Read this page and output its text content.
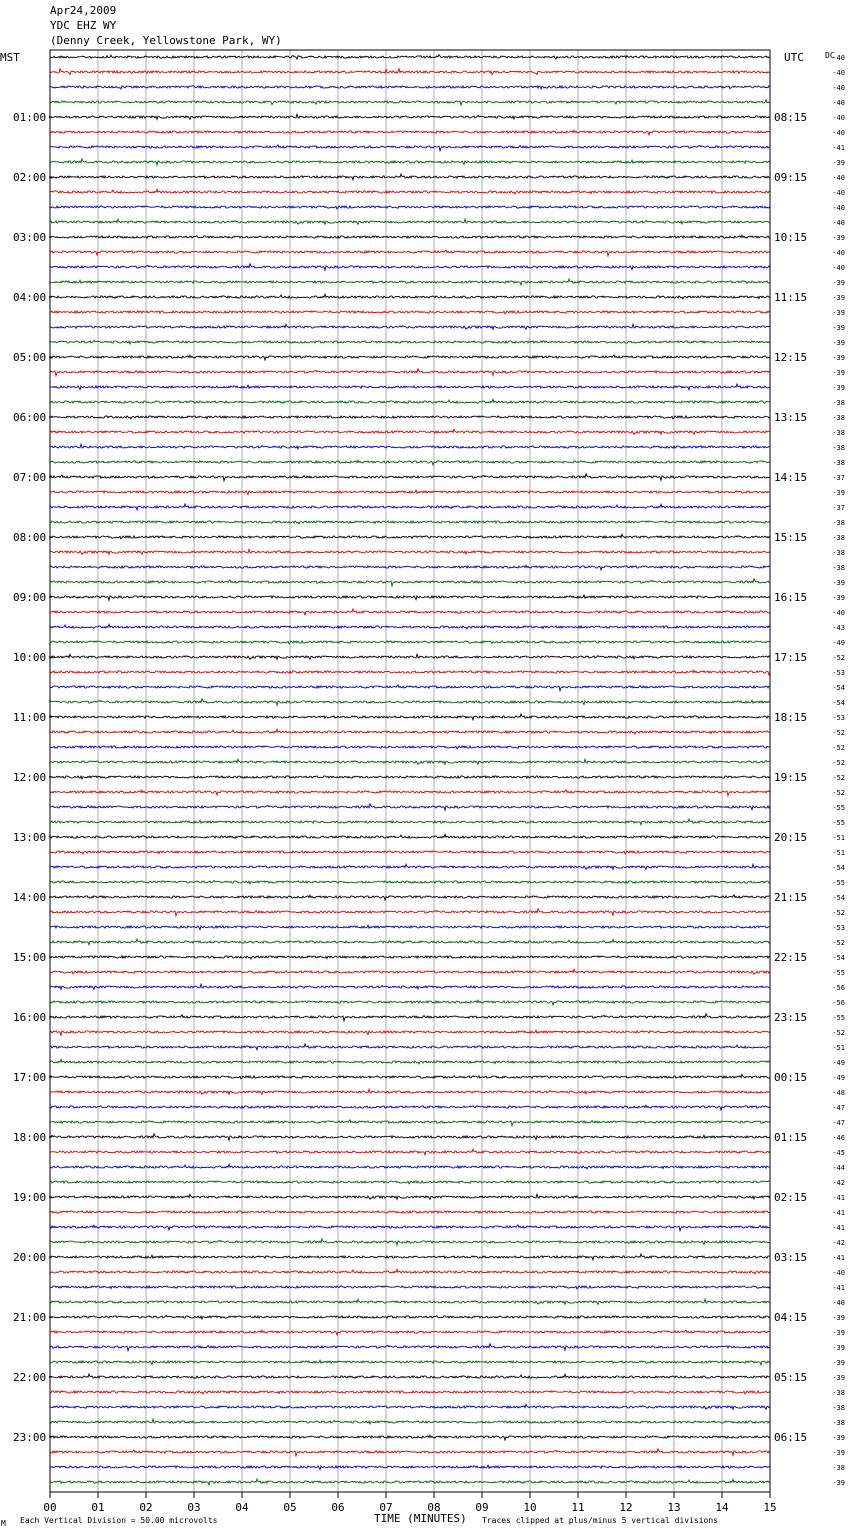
Apr24,2009
YDC EHZ WY
(Denny Creek, Yellowstone Park, WY)
00	01	02	03	04	05	06	07	08	09	10	11	12	13	14	15
01:00
02:00
03:00
04:00
05:00
06:00
07:00
08:00
09:00
10:00
11:00
12:00
13:00
14:00
15:00
16:00
17:00
18:00
19:00
20:00
21:00
22:00
23:00
08:15
09:15
10:15
11:15
12:15
13:15
14:15
15:15
16:15
17:15
18:15
19:15
20:15
21:15
22:15
23:15
00:15
01:15
02:15
03:15
04:15
05:15
06:15
-40
-40
-40
-40
-40
-40
-41
-39
-40
-40
-40
-40
-39
-40
-40
-39
-39
-39
-39
-39
-39
-39
-39
-38
-38
-38
-38
-38
-37
-39
-37
-38
-38
-38
-38
-39
-39
-40
-43
-49
-52
-53
-54
-54
-53
-52
-52
-52
-52
-52
-55
-55
-51
-51
-54
-55
-54
-52
-53
-52
-54
-55
-56
-56
-55
-52
-51
-49
-49
-48
-47
-47
-46
-45
-44
-42
-41
-41
-41
-42
-41
-40
-41
-40
-39
-39
-39
-39
-39
-38
-38
-38
-39
-39
-38
-39
MST	UTC	DC
TIME (MINUTES)
M Each Vertical Division = 50.00 microvolts	Traces clipped at plus/minus 5 vertical divisions
